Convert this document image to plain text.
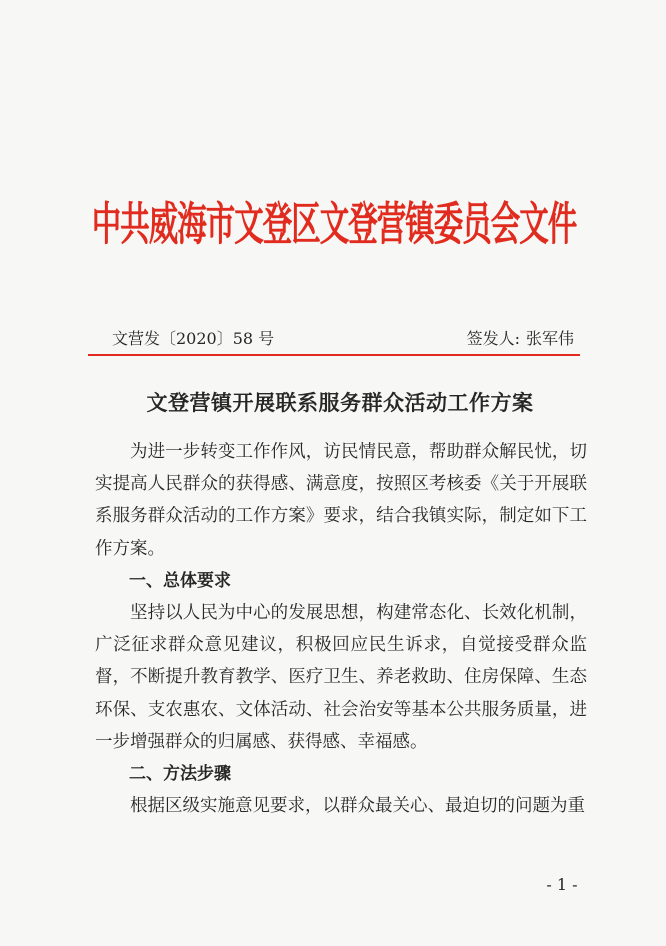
中共威海市文登区文登营镇委员会文件
文营发〔2020〕58 号	签发人: 张军伟
文登营镇开展联系服务群众活动工作方案

为进一步转变工作作风，访民情民意，帮助群众解民忧，切实提高人民群众的获得感、满意度，按照区考核委《关于开展联系服务群众活动的工作方案》要求，结合我镇实际，制定如下工作方案。

一、总体要求

坚持以人民为中心的发展思想，构建常态化、长效化机制，广泛征求群众意见建议，积极回应民生诉求，自觉接受群众监督，不断提升教育教学、医疗卫生、养老救助、住房保障、生态环保、支农惠农、文体活动、社会治安等基本公共服务质量，进一步增强群众的归属感、获得感、幸福感。

二、方法步骤

根据区级实施意见要求，以群众最关心、最迫切的问题为重

- 1 -
